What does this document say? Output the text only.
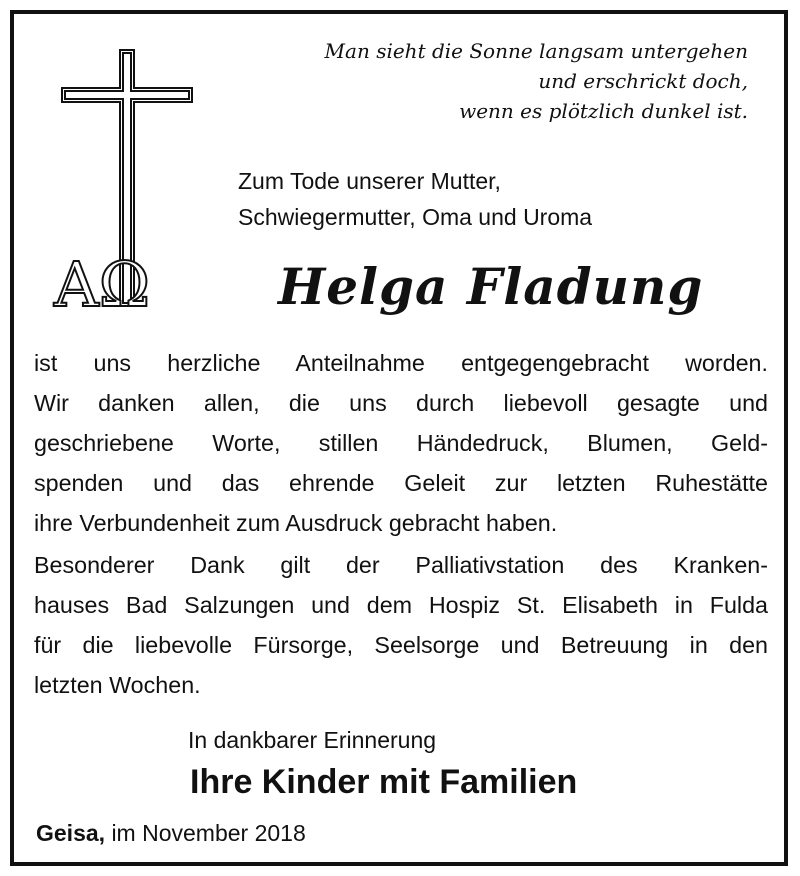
AΩ
Man sieht die Sonne langsam untergehen
und erschrickt doch,
wenn es plötzlich dunkel ist.
Zum Tode unserer Mutter,
Schwiegermutter, Oma und Uroma
Helga Fladung
ist uns herzliche Anteilnahme entgegengebracht worden.
Wir danken allen, die uns durch liebevoll gesagte und
geschriebene Worte, stillen Händedruck, Blumen, Geld-
spenden und das ehrende Geleit zur letzten Ruhestätte
ihre Verbundenheit zum Ausdruck gebracht haben.
Besonderer Dank gilt der Palliativstation des Kranken-
hauses Bad Salzungen und dem Hospiz St. Elisabeth in Fulda
für die liebevolle Fürsorge, Seelsorge und Betreuung in den
letzten Wochen.
In dankbarer Erinnerung
Ihre Kinder mit Familien
Geisa, im November 2018
